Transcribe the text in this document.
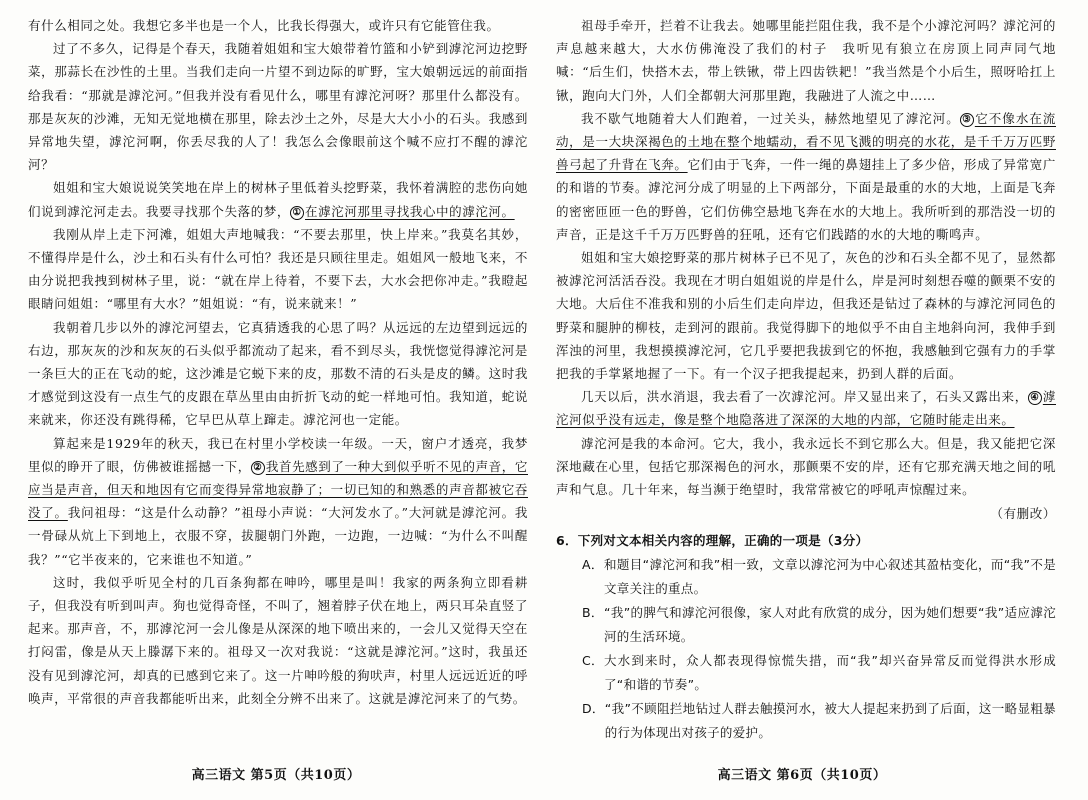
有什么相同之处。我想它多半也是一个人，比我长得强大，或许只有它能管住我。

过了不多久，记得是个春天，我随着姐姐和宝大娘带着竹篮和小铲到滹沱河边挖野菜，那蒜长在沙性的土里。当我们走向一片望不到边际的旷野，宝大娘朝远远的前面指给我看：“那就是滹沱河。”但我并没有看见什么，哪里有滹沱河呀？那里什么都没有。那是灰灰的沙滩，无知无觉地横在那里，除去沙土之外，尽是大大小小的石头。我感到异常地失望，滹沱河啊，你丢尽我的人了！我怎么会像眼前这个喊不应打不醒的滹沱河？

姐姐和宝大娘说说笑笑地在岸上的树林子里低着头挖野菜，我怀着满腔的悲伤向她们说到滹沱河走去。我要寻找那个失落的梦， ① 在滹沱河那里寻找我心中的滹沱河。

我刚从岸上走下河滩，姐姐大声地喊我：“不要去那里，快上岸来。”我莫名其妙，不懂得岸是什么，沙土和石头有什么可怕？我还是只顾往里走。姐姐风一般地飞来，不由分说把我拽到树林子里，说：“就在岸上待着，不要下去，大水会把你冲走。”我瞪起眼睛问姐姐：“哪里有大水？”姐姐说：“有，说来就来！”

我朝着几步以外的滹沱河望去，它真猜透我的心思了吗？从远远的左边望到远远的右边，那灰灰的沙和灰灰的石头似乎都流动了起来，看不到尽头，我恍惚觉得滹沱河是一条巨大的正在飞动的蛇，这沙滩是它蜕下来的皮，那数不清的石头是皮的鳞。这时我才感觉到这没有一点生气的皮跟在草丛里由由折折飞动的蛇一样地可怕。我知道，蛇说来就来，你还没有跳得稀，它早巴从草上蹿走。滹沱河也一定能。

算起来是1929年的秋天，我已在村里小学校读一年级。一天，窗户才透亮，我梦里似的睁开了眼，仿佛被谁摇撼一下， ② 我首先感到了一种大到似乎听不见的声音，它应当是声音，但天和地因有它而变得异常地寂静了；一切已知的和熟悉的声音都被它吞没了。我问祖母：“这是什么动静？”祖母小声说：“大河发水了。”大河就是滹沱河。我一骨碌从炕上下到地上，衣服不穿，拔腿朝门外跑，一边跑，一边喊：“为什么不叫醒我？”“它半夜来的，它来谁也不知道。”

这时，我似乎听见全村的几百条狗都在呻吟，哪里是叫！我家的两条狗立即看耕子，但我没有听到叫声。狗也觉得奇怪，不叫了，翘着脖子伏在地上，两只耳朵直竖了起来。那声音，不，那滹沱河一会儿像是从深深的地下喷出来的，一会儿又觉得天空在打闷雷，像是从天上滕潺下来的。祖母又一次对我说：“这就是滹沱河。”这时，我虽还没有见到滹沱河，却真的已感到它来了。这一片呻吟般的狗吠声，村里人远远近近的呼唤声，平常很的声音我都能听出来，此刻全分辨不出来了。这就是滹沱河来了的气势。

祖母手牵开，拦着不让我去。她哪里能拦阻住我，我不是个小滹沱河吗？滹沱河的声息越来越大，大水仿佛淹没了我们的村子　我听见有狼立在房顶上同声同气地喊：“后生们，快搭木去，带上铁锹，带上四齿铁耙！”我当然是个小后生，照呀哈扛上锹，跑向大门外，人们全都朝大河那里跑，我融进了人流之中……

我不歇气地随着大人们跑着，一过关头，赫然地望见了滹沱河。 ③ 它不像水在流动，是一大块深褐色的土地在整个地蠕动，看不见飞溅的明亮的水花，是千千万万匹野兽弓起了升背在飞奔。它们由于飞奔，一件一绳的鼻翅挂上了多少倍，形成了异常宽广的和谐的节奏。滹沱河分成了明显的上下两部分，下面是最重的水的大地，上面是飞奔的密密匝匝一色的野兽，它们仿佛空悬地飞奔在水的大地上。我所听到的那浩没一切的声音，正是这千千万万匹野兽的狂吼，还有它们践踏的水的大地的嘶鸣声。

姐姐和宝大娘挖野菜的那片树林子已不见了，灰色的沙和石头全都不见了，显然都被滹沱河活活吞没。我现在才明白姐姐说的岸是什么，岸是河时刻想吞噬的颤栗不安的大地。大后住不准我和别的小后生们走向岸边，但我还是钻过了森林的与滹沱河同色的野菜和腿肿的柳枝，走到河的跟前。我觉得脚下的地似乎不由自主地斜向河，我伸手到浑浊的河里，我想摸摸滹沱河，它几乎要把我拔到它的怀抱，我感触到它强有力的手掌把我的手掌紧地握了一下。有一个汉子把我提起来，扔到人群的后面。

几天以后，洪水消退，我去看了一次滹沱河。岸又显出来了，石头又露出来， ④ 滹沱河似乎没有远走，像是整个地隐落进了深深的大地的内部，它随时能走出来。

滹沱河是我的本命河。它大，我小，我永远长不到它那么大。但是，我又能把它深深地藏在心里，包括它那深褐色的河水，那颤栗不安的岸，还有它那充满天地之间的吼声和气息。几十年来，每当濒于绝望时，我常常被它的呼吼声惊醒过来。

（有删改）

6．下列对文本相关内容的理解，正确的一项是（3分）

A． 和题目“滹沱河和我”相一致，文章以滹沱河为中心叙述其盈枯变化，而“我”不是文章关注的重点。
B． “我”的脾气和滹沱河很像，家人对此有欣赏的成分，因为她们想要“我”适应滹沱河的生活环境。
C． 大水到来时，众人都表现得惊慌失措，而“我”却兴奋异常反而觉得洪水形成了“和谐的节奏”。
D． “我”不顾阻拦地钻过人群去触摸河水，被大人提起来扔到了后面，这一略显粗暴的行为体现出对孩子的爱护。
高三语文 第5页（共10页）	高三语文 第6页（共10页）
